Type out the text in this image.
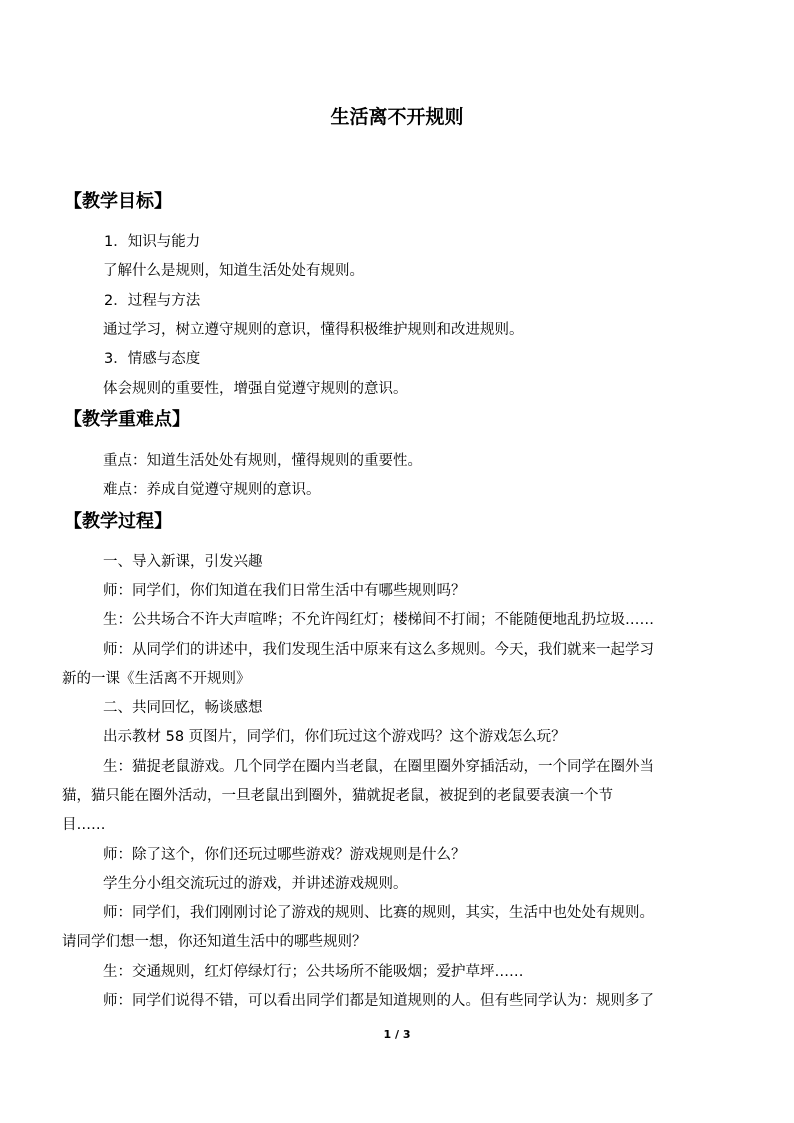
生活离不开规则
【教学目标】
1．知识与能力
了解什么是规则，知道生活处处有规则。
2．过程与方法
通过学习，树立遵守规则的意识，懂得积极维护规则和改进规则。
3．情感与态度
体会规则的重要性，增强自觉遵守规则的意识。
【教学重难点】
重点：知道生活处处有规则，懂得规则的重要性。
难点：养成自觉遵守规则的意识。
【教学过程】
一、导入新课，引发兴趣
师：同学们，你们知道在我们日常生活中有哪些规则吗？
生：公共场合不许大声喧哗；不允许闯红灯；楼梯间不打闹；不能随便地乱扔垃圾……
师：从同学们的讲述中，我们发现生活中原来有这么多规则。今天，我们就来一起学习
新的一课《生活离不开规则》
二、共同回忆，畅谈感想
出示教材 58 页图片，同学们，你们玩过这个游戏吗？这个游戏怎么玩？
生：猫捉老鼠游戏。几个同学在圈内当老鼠，在圈里圈外穿插活动，一个同学在圈外当
猫，猫只能在圈外活动，一旦老鼠出到圈外，猫就捉老鼠，被捉到的老鼠要表演一个节
目……
师：除了这个，你们还玩过哪些游戏？游戏规则是什么？
学生分小组交流玩过的游戏，并讲述游戏规则。
师：同学们，我们刚刚讨论了游戏的规则、比赛的规则，其实，生活中也处处有规则。
请同学们想一想，你还知道生活中的哪些规则？
生：交通规则，红灯停绿灯行；公共场所不能吸烟；爱护草坪……
师：同学们说得不错，可以看出同学们都是知道规则的人。但有些同学认为：规则多了
1 / 3
